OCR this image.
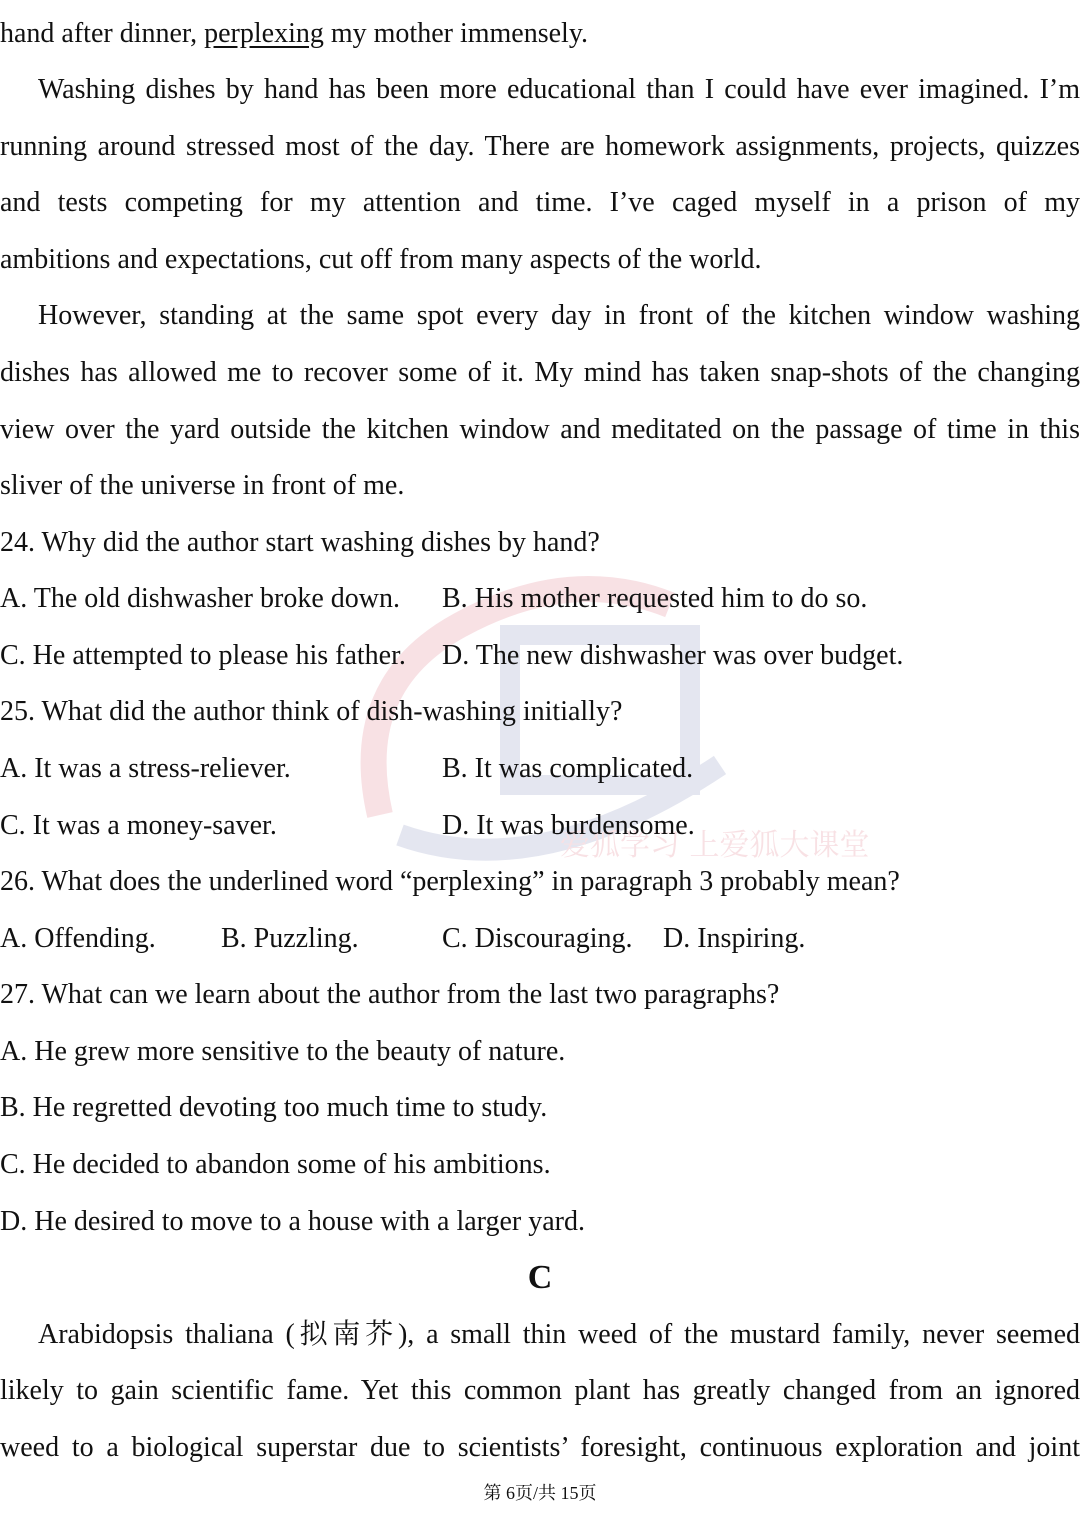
爱狐学习 上爱狐大课堂
hand after dinner, perplexing my mother immensely.
Washing dishes by hand has been more educational than I could have ever imagined. I’m
running around stressed most of the day. There are homework assignments, projects, quizzes
and tests competing for my attention and time. I’ve caged myself in a prison of my
ambitions and expectations, cut off from many aspects of the world.
However, standing at the same spot every day in front of the kitchen window washing
dishes has allowed me to recover some of it. My mind has taken snap-shots of the changing
view over the yard outside the kitchen window and meditated on the passage of time in this
sliver of the universe in front of me.
24. Why did the author start washing dishes by hand?
A. The old dishwasher broke down. B. His mother requested him to do so.
C. He attempted to please his father. D. The new dishwasher was over budget.
25. What did the author think of dish-washing initially?
A. It was a stress-reliever.	B. It was complicated.
C. It was a money-saver.	D. It was burdensome.
26. What does the underlined word “perplexing” in paragraph 3 probably mean?
A. Offending. B. Puzzling.	C. Discouraging. D. Inspiring.
27. What can we learn about the author from the last two paragraphs?
A. He grew more sensitive to the beauty of nature.
B. He regretted devoting too much time to study.
C. He decided to abandon some of his ambitions.
D. He desired to move to a house with a larger yard.
C
Arabidopsis thaliana (拟南芥), a small thin weed of the mustard family, never seemed
likely to gain scientific fame. Yet this common plant has greatly changed from an ignored
weed to a biological superstar due to scientists’ foresight, continuous exploration and joint
第 6页/共 15页
